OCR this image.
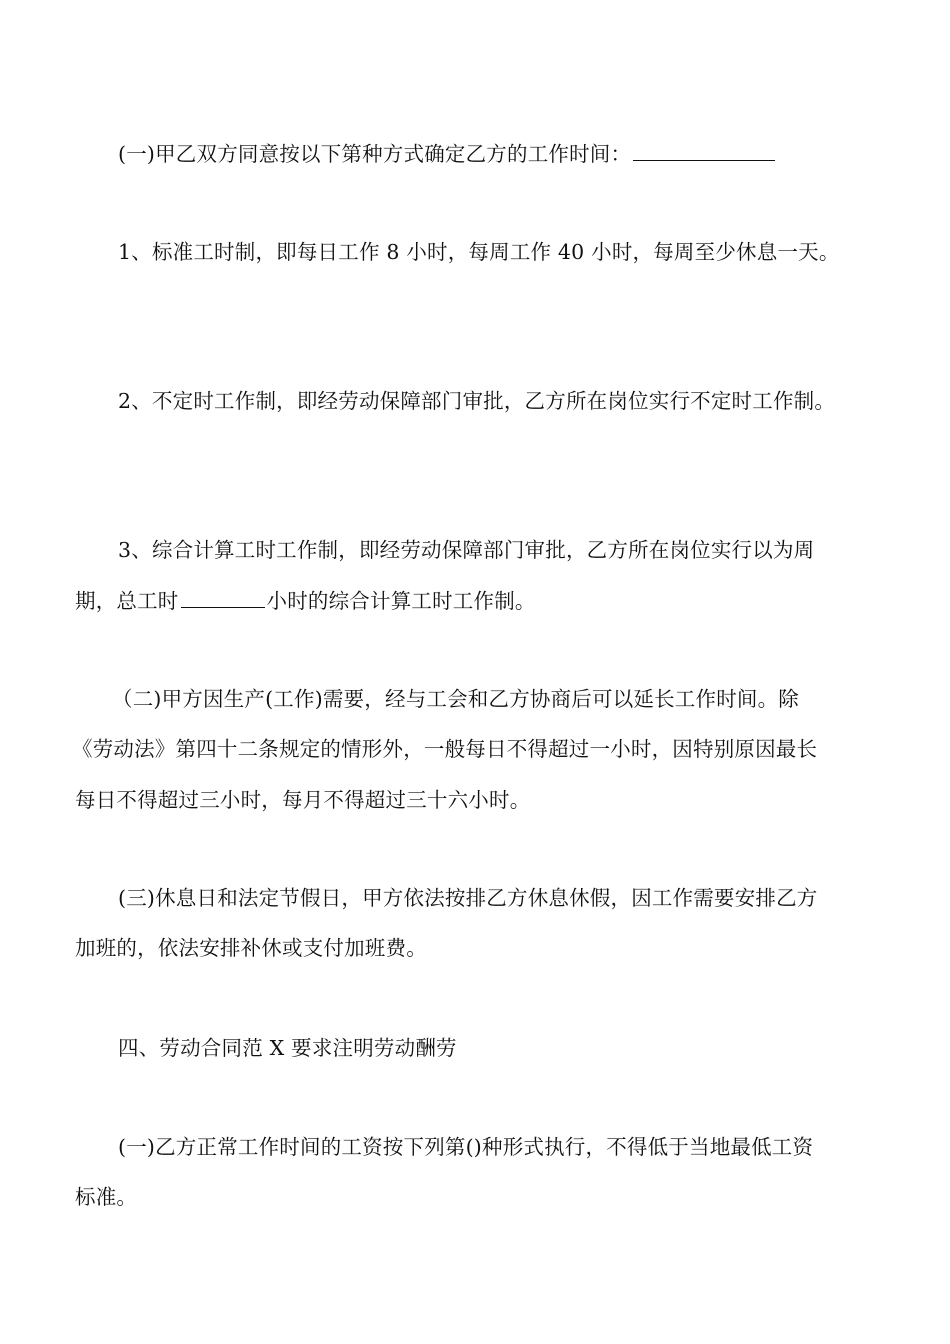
(一)甲乙双方同意按以下第种方式确定乙方的工作时间：
1、标准工时制，即每日工作 8 小时，每周工作 40 小时，每周至少休息一天。
2、不定时工作制，即经劳动保障部门审批，乙方所在岗位实行不定时工作制。
3、综合计算工时工作制，即经劳动保障部门审批，乙方所在岗位实行以为周
期，总工时	小时的综合计算工时工作制。
（二)甲方因生产(工作)需要，经与工会和乙方协商后可以延长工作时间。除
《劳动法》第四十二条规定的情形外，一般每日不得超过一小时，因特别原因最长
每日不得超过三小时，每月不得超过三十六小时。
(三)休息日和法定节假日，甲方依法按排乙方休息休假，因工作需要安排乙方
加班的，依法安排补休或支付加班费。
四、劳动合同范 X 要求注明劳动酬劳
(一)乙方正常工作时间的工资按下列第()种形式执行，不得低于当地最低工资
标准。
